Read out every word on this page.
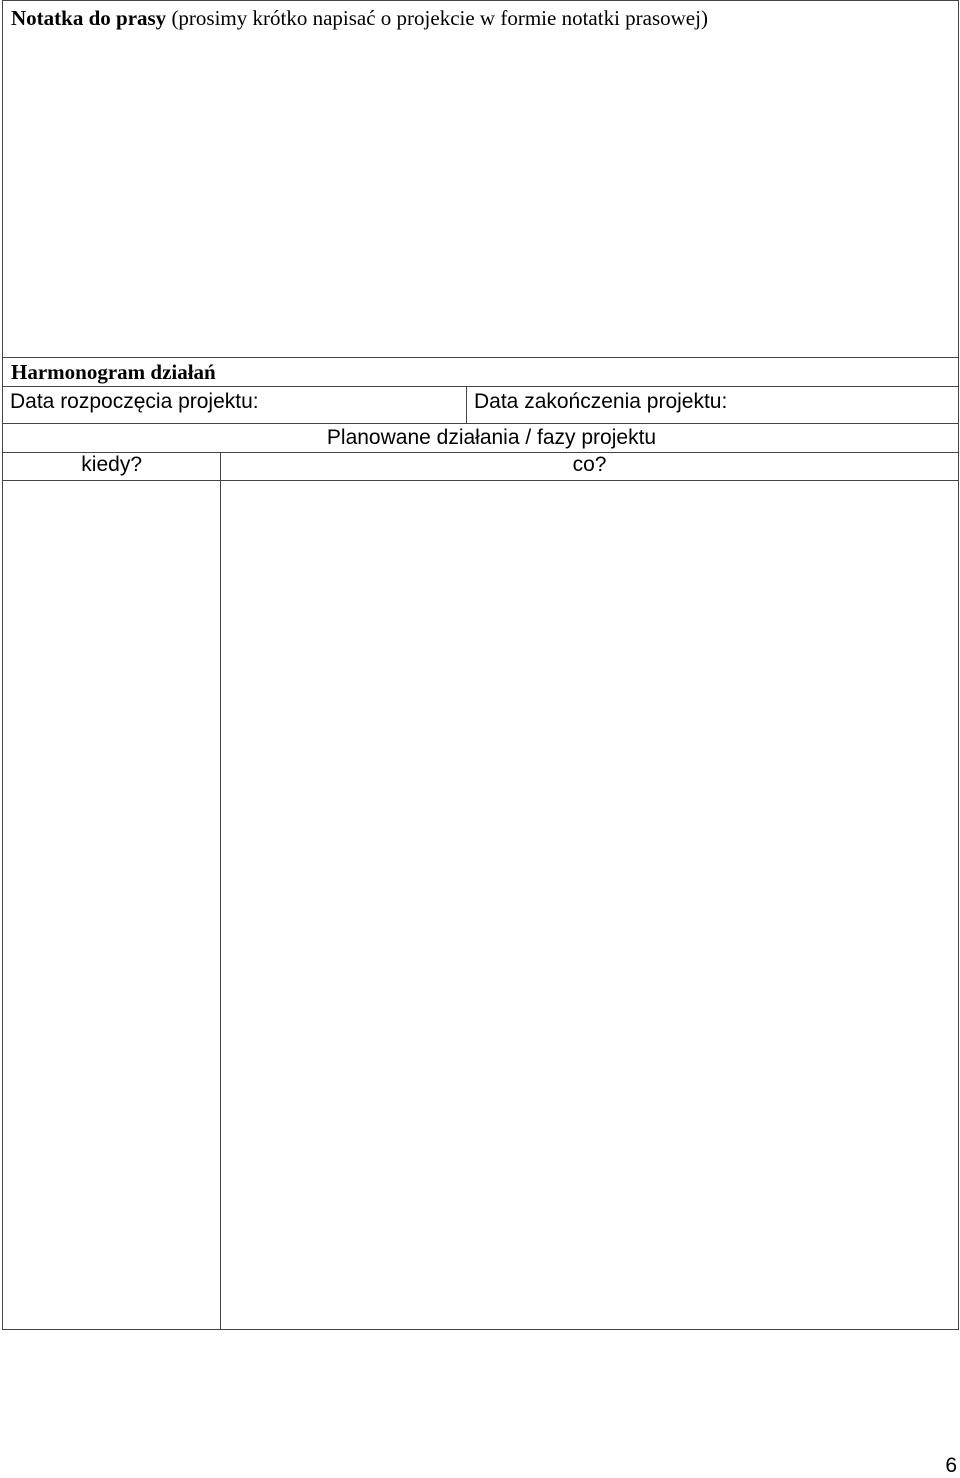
Notatka do prasy (prosimy krótko napisać o projekcie w formie notatki prasowej)
Harmonogram działań
Data rozpoczęcia projektu:	Data zakończenia projektu:
Planowane działania / fazy projektu
kiedy?	co?
6
